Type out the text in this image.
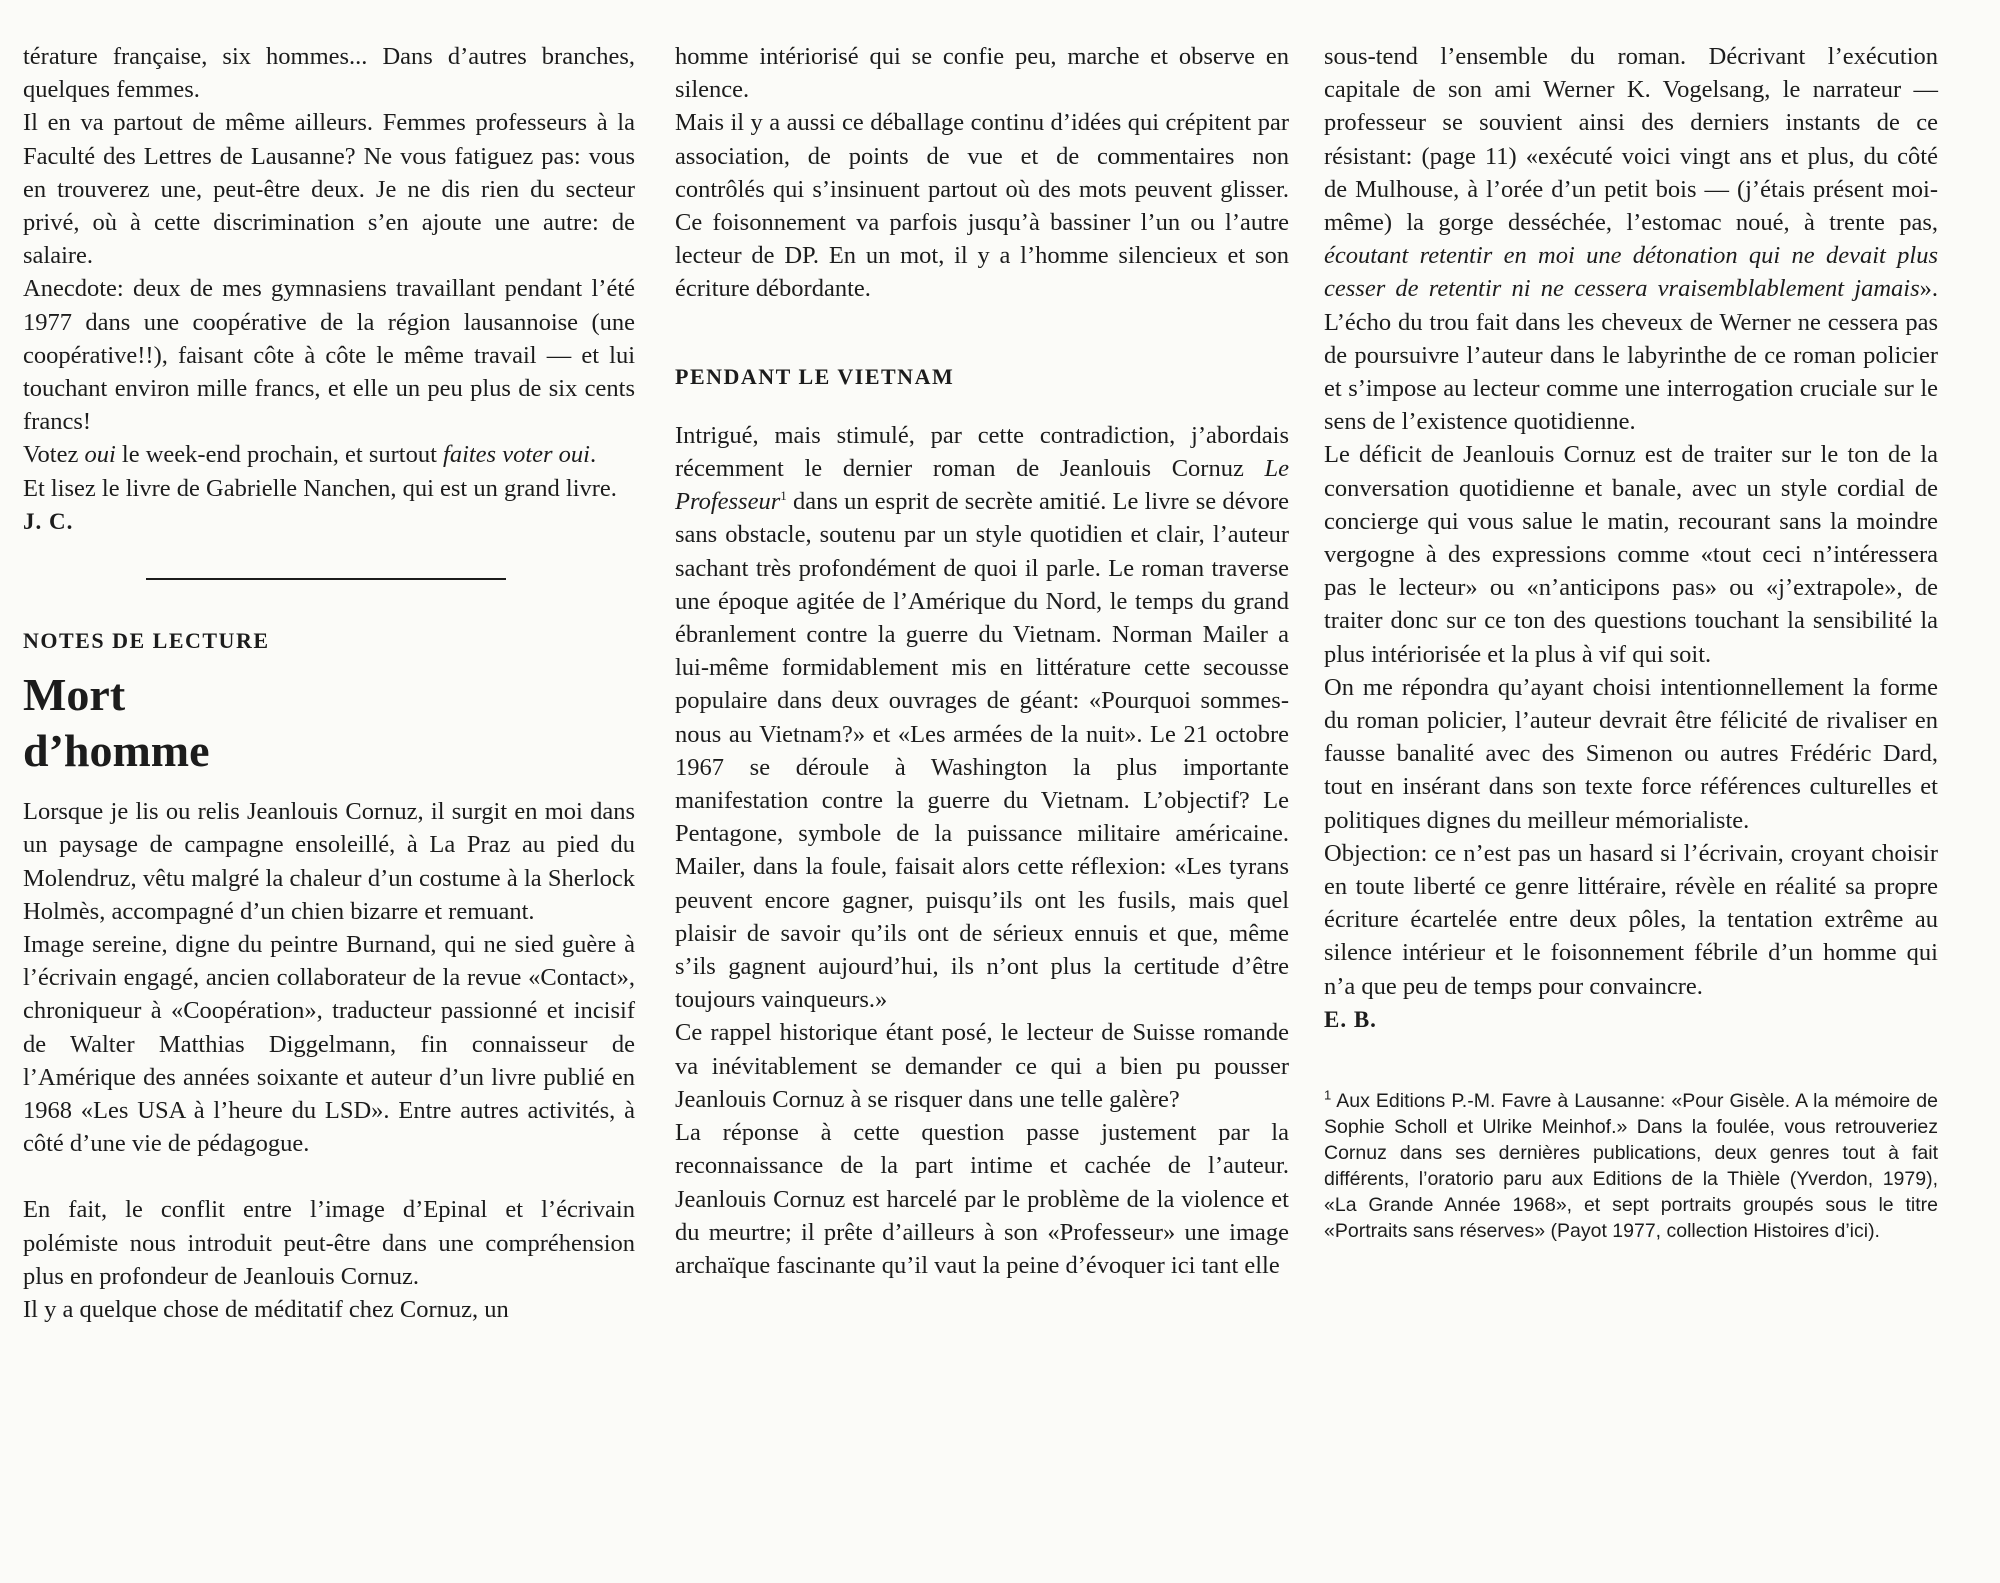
térature française, six hommes... Dans d’autres branches, quelques femmes.

Il en va partout de même ailleurs. Femmes professeurs à la Faculté des Lettres de Lausanne? Ne vous fatiguez pas: vous en trouverez une, peut-être deux. Je ne dis rien du secteur privé, où à cette discrimination s’en ajoute une autre: de salaire.

Anecdote: deux de mes gymnasiens travaillant pendant l’été 1977 dans une coopérative de la région lausannoise (une coopérative!!), faisant côte à côte le même travail — et lui touchant environ mille francs, et elle un peu plus de six cents francs!

Votez oui le week-end prochain, et surtout faites voter oui.

Et lisez le livre de Gabrielle Nanchen, qui est un grand livre.

J. C.

NOTES DE LECTURE
Mort
d’homme

Lorsque je lis ou relis Jeanlouis Cornuz, il surgit en moi dans un paysage de campagne ensoleillé, à La Praz au pied du Molendruz, vêtu malgré la chaleur d’un costume à la Sherlock Holmès, accompagné d’un chien bizarre et remuant.

Image sereine, digne du peintre Burnand, qui ne sied guère à l’écrivain engagé, ancien collaborateur de la revue «Contact», chroniqueur à «Coopération», traducteur passionné et incisif de Walter Matthias Diggelmann, fin connaisseur de l’Amérique des années soixante et auteur d’un livre publié en 1968 «Les USA à l’heure du LSD». Entre autres activités, à côté d’une vie de pédagogue.

En fait, le conflit entre l’image d’Epinal et l’écrivain polémiste nous introduit peut-être dans une compréhension plus en profondeur de Jeanlouis Cornuz.

Il y a quelque chose de méditatif chez Cornuz, un

homme intériorisé qui se confie peu, marche et observe en silence.

Mais il y a aussi ce déballage continu d’idées qui crépitent par association, de points de vue et de commentaires non contrôlés qui s’insinuent partout où des mots peuvent glisser. Ce foisonnement va parfois jusqu’à bassiner l’un ou l’autre lecteur de DP. En un mot, il y a l’homme silencieux et son écriture débordante.

PENDANT LE VIETNAM

Intrigué, mais stimulé, par cette contradiction, j’abordais récemment le dernier roman de Jeanlouis Cornuz Le Professeur$^1$ dans un esprit de secrète amitié. Le livre se dévore sans obstacle, soutenu par un style quotidien et clair, l’auteur sachant très profondément de quoi il parle. Le roman traverse une époque agitée de l’Amérique du Nord, le temps du grand ébranlement contre la guerre du Vietnam. Norman Mailer a lui-même formidablement mis en littérature cette secousse populaire dans deux ouvrages de géant: «Pourquoi sommes-nous au Vietnam?» et «Les armées de la nuit». Le 21 octobre 1967 se déroule à Washington la plus importante manifestation contre la guerre du Vietnam. L’objectif? Le Pentagone, symbole de la puissance militaire américaine. Mailer, dans la foule, faisait alors cette réflexion: «Les tyrans peuvent encore gagner, puisqu’ils ont les fusils, mais quel plaisir de savoir qu’ils ont de sérieux ennuis et que, même s’ils gagnent aujourd’hui, ils n’ont plus la certitude d’être toujours vainqueurs.»

Ce rappel historique étant posé, le lecteur de Suisse romande va inévitablement se demander ce qui a bien pu pousser Jeanlouis Cornuz à se risquer dans une telle galère?

La réponse à cette question passe justement par la reconnaissance de la part intime et cachée de l’auteur. Jeanlouis Cornuz est harcelé par le problème de la violence et du meurtre; il prête d’ailleurs à son «Professeur» une image archaïque fascinante qu’il vaut la peine d’évoquer ici tant elle

sous-tend l’ensemble du roman. Décrivant l’exécution capitale de son ami Werner K. Vogelsang, le narrateur — professeur se souvient ainsi des derniers instants de ce résistant: (page 11) «exécuté voici vingt ans et plus, du côté de Mulhouse, à l’orée d’un petit bois — (j’étais présent moi-même) la gorge desséchée, l’estomac noué, à trente pas, écoutant retentir en moi une détonation qui ne devait plus cesser de retentir ni ne cessera vraisemblablement jamais». L’écho du trou fait dans les cheveux de Werner ne cessera pas de poursuivre l’auteur dans le labyrinthe de ce roman policier et s’impose au lecteur comme une interrogation cruciale sur le sens de l’existence quotidienne.

Le déficit de Jeanlouis Cornuz est de traiter sur le ton de la conversation quotidienne et banale, avec un style cordial de concierge qui vous salue le matin, recourant sans la moindre vergogne à des expressions comme «tout ceci n’intéressera pas le lecteur» ou «n’anticipons pas» ou «j’extrapole», de traiter donc sur ce ton des questions touchant la sensibilité la plus intériorisée et la plus à vif qui soit.

On me répondra qu’ayant choisi intentionnellement la forme du roman policier, l’auteur devrait être félicité de rivaliser en fausse banalité avec des Simenon ou autres Frédéric Dard, tout en insérant dans son texte force références culturelles et politiques dignes du meilleur mémorialiste.

Objection: ce n’est pas un hasard si l’écrivain, croyant choisir en toute liberté ce genre littéraire, révèle en réalité sa propre écriture écartelée entre deux pôles, la tentation extrême au silence intérieur et le foisonnement fébrile d’un homme qui n’a que peu de temps pour convaincre.

E. B.

$^1$ Aux Editions P.-M. Favre à Lausanne: «Pour Gisèle. A la mémoire de Sophie Scholl et Ulrike Meinhof.» Dans la foulée, vous retrouveriez Cornuz dans ses dernières publications, deux genres tout à fait différents, l’oratorio paru aux Editions de la Thièle (Yverdon, 1979), «La Grande Année 1968», et sept portraits groupés sous le titre «Portraits sans réserves» (Payot 1977, collection Histoires d’ici).
